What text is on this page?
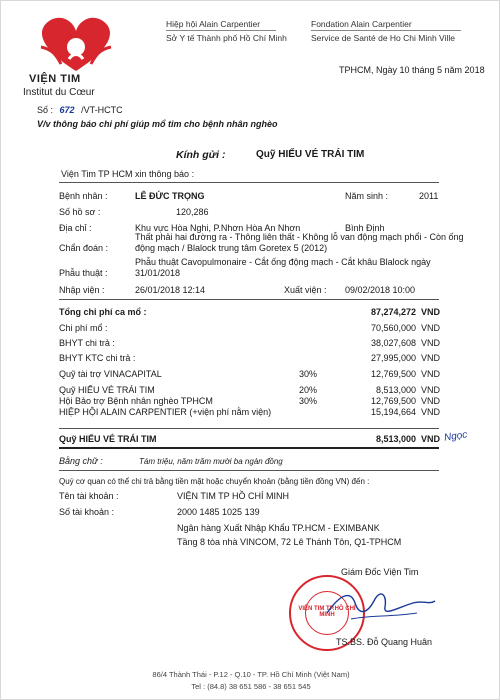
VIỆN TIM
Institut du Cœur
Hiệp hội Alain Carpentier
Sở Y tế Thành phố Hồ Chí Minh
Fondation Alain Carpentier
Service de Santé de Ho Chi Minh Ville
TPHCM, Ngày 10 tháng 5 năm 2018
Số : 672 /VT-HCTC
V/v thông báo chi phí giúp mổ tim cho bệnh nhân nghèo
Kính gửi :	Quỹ HIẾU VÉ TRÁI TIM
Viện Tim TP HCM xin thông báo :
Bệnh nhân :	LÊ ĐỨC TRỌNG	Năm sinh :	2011
Số hồ sơ :	120,286
Địa chỉ :	Khu vực Hòa Nghi, P.Nhơn Hòa An Nhơn	Bình Định
Chẩn đoán :
Thất phải hai đường ra - Thông liên thất - Không lỗ van động mạch phổi - Còn ống động mạch / Blalock trung tâm Goretex 5 (2012)
Phẫu thuật :
Phẫu thuật Cavopulmonaire - Cắt ống động mạch - Cắt khâu Blalock ngày 31/01/2018
Nhập viện :	26/01/2018 12:14	Xuất viện : 09/02/2018 10:00
Tổng chi phí ca mổ :	87,274,272 VND
Chi phí mổ :	70,560,000 VND
BHYT chi trả :	38,027,608 VND
BHYT KTC chi trả :	27,995,000 VND
Quỹ tài trợ VINACAPITAL	30%	12,769,500 VND
Quỹ HIẾU VÉ TRÁI TIM	20%	8,513,000 VND
Hội Bảo trợ Bệnh nhân nghèo TPHCM	30%	12,769,500 VND
HIỆP HỘI ALAIN CARPENTIER (+viện phí nằm viện)	15,194,664 VND
Quỹ HIẾU VÉ TRÁI TIM	8,513,000 VND Ngọc
Bằng chữ :	Tám triệu, năm trăm mười ba ngàn đồng
Quý cơ quan có thể chi trả bằng tiền mặt hoặc chuyển khoản (bằng tiền đồng VN) đến :
Tên tài khoản :	VIỆN TIM TP HỒ CHÍ MINH
Số tài khoản :	2000 1485 1025 139
Ngân hàng Xuất Nhập Khẩu TP.HCM - EXIMBANK
Tầng 8 tòa nhà VINCOM, 72 Lê Thánh Tôn, Q1-TPHCM
Giám Đốc Viện Tim
VIỆN TIM TP.HỒ CHÍ MINH
TS.BS. Đỗ Quang Huân
86/4 Thành Thái - P.12 - Q.10 - TP. Hồ Chí Minh (Việt Nam)
Tel : (84.8) 38 651 586 - 38 651 545
